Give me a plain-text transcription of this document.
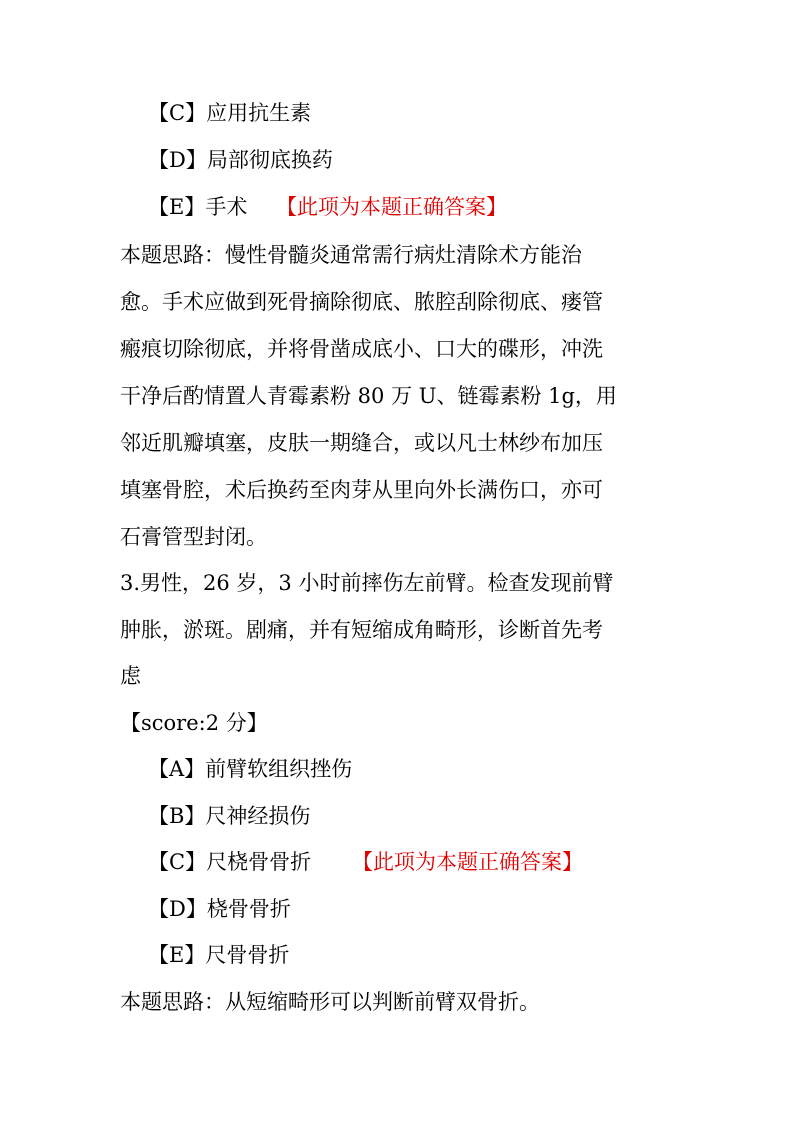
【C】应用抗生素
【D】局部彻底换药
【E】手术 【此项为本题正确答案】
本题思路：慢性骨髓炎通常需行病灶清除术方能治
愈。手术应做到死骨摘除彻底、脓腔刮除彻底、瘘管
瘢痕切除彻底，并将骨凿成底小、口大的碟形，冲洗
干净后酌情置人青霉素粉 80 万 U、链霉素粉 1g，用
邻近肌瓣填塞，皮肤一期缝合，或以凡士林纱布加压
填塞骨腔，术后换药至肉芽从里向外长满伤口，亦可
石膏管型封闭。
3.男性，26 岁，3 小时前摔伤左前臂。检查发现前臂
肿胀，淤斑。剧痛，并有短缩成角畸形，诊断首先考
虑
【score:2 分】
【A】前臂软组织挫伤
【B】尺神经损伤
【C】尺桡骨骨折 【此项为本题正确答案】
【D】桡骨骨折
【E】尺骨骨折
本题思路：从短缩畸形可以判断前臂双骨折。
